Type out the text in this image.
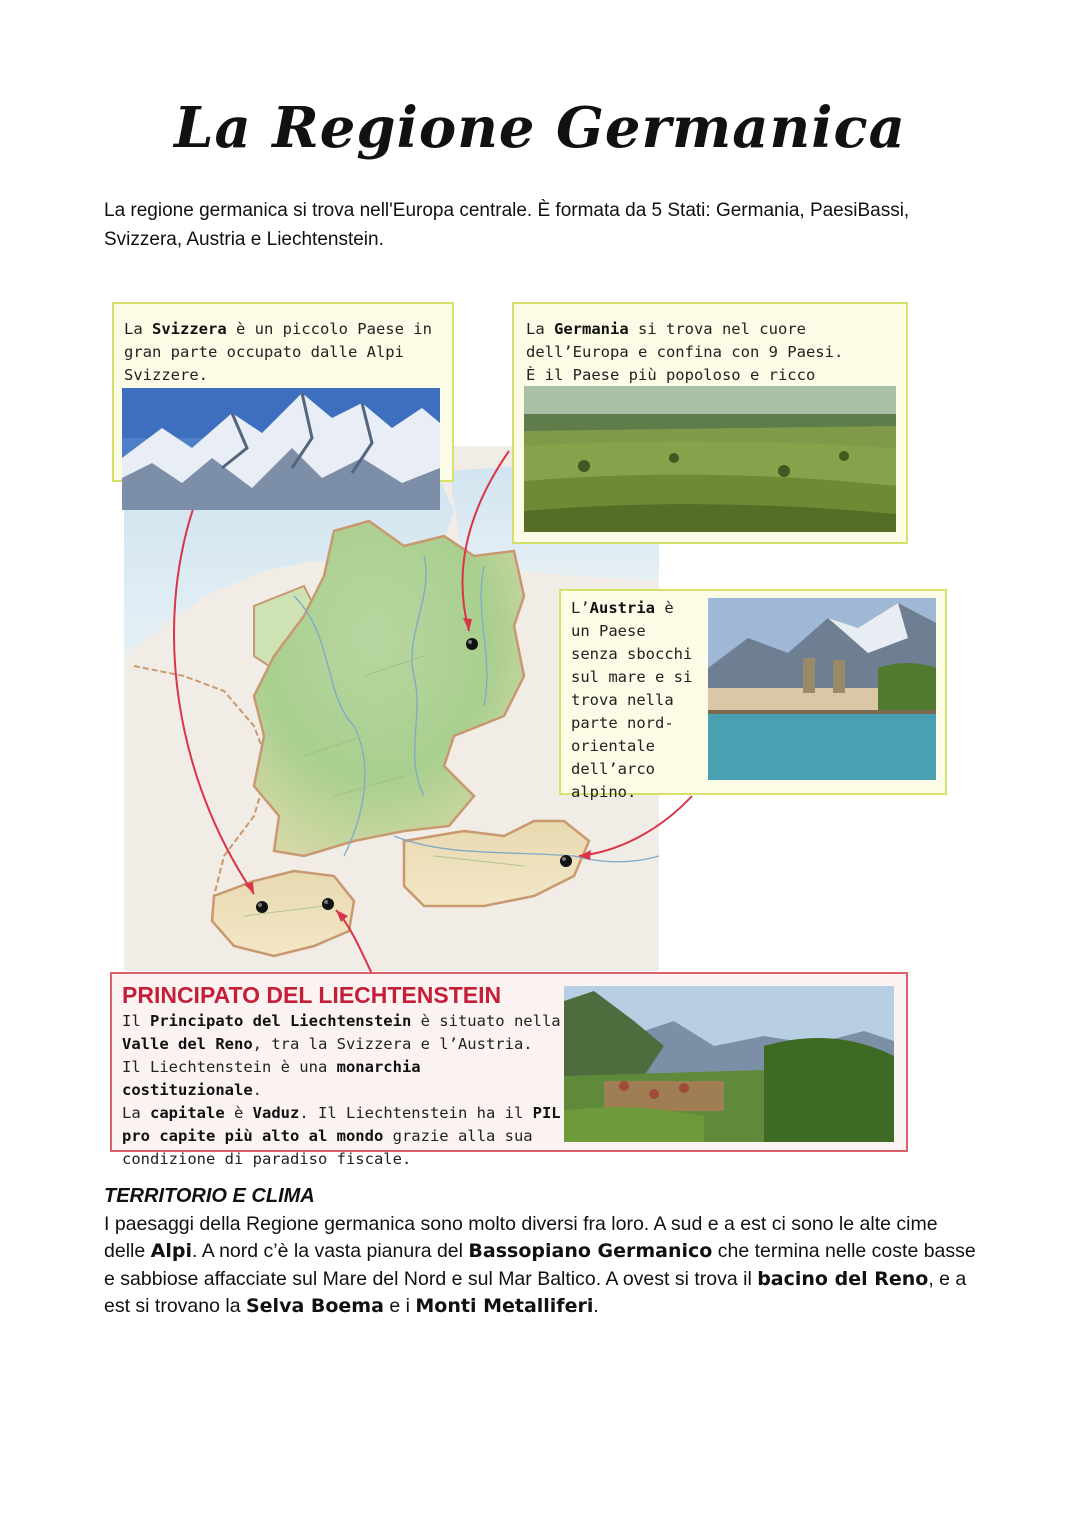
La Regione Germanica
La regione germanica si trova nell'Europa centrale. È formata da 5 Stati: Germania, PaesiBassi, Svizzera, Austria e Liechtenstein.
La Svizzera è un piccolo Paese in gran parte occupato dalle Alpi Svizzere.

La Germania si trova nel cuore dell’Europa e confina con 9 Paesi.
È il Paese più popoloso e ricco
L’Austria è un Paese senza sbocchi sul mare e si trova nella parte nord-orientale dell’arco alpino.
PRINCIPATO DEL LIECHTENSTEIN
Il Principato del Liechtenstein è situato nella Valle del Reno, tra la Svizzera e l’Austria.
Il Liechtenstein è una monarchia costituzionale.
La capitale è Vaduz. Il Liechtenstein ha il PIL pro capite più alto al mondo grazie alla sua condizione di paradiso fiscale.
TERRITORIO E CLIMA
I paesaggi della Regione germanica sono molto diversi fra loro. A sud e a est ci sono le alte cime delle Alpi. A nord c’è la vasta pianura del Bassopiano Germanico che termina nelle coste basse e sabbiose affacciate sul Mare del Nord e sul Mar Baltico. A ovest si trova il bacino del Reno, e a est si trovano la Selva Boema e i Monti Metalliferi.
